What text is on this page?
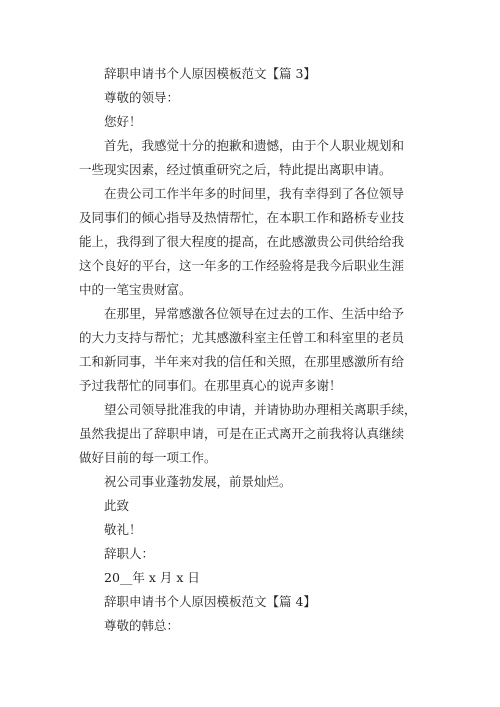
辞职申请书个人原因模板范文【篇 3】
尊敬的领导：
您好！
首先，我感觉十分的抱歉和遗憾，由于个人职业规划和
一些现实因素，经过慎重研究之后，特此提出离职申请。
在贵公司工作半年多的时间里，我有幸得到了各位领导
及同事们的倾心指导及热情帮忙，在本职工作和路桥专业技
能上，我得到了很大程度的提高，在此感激贵公司供给给我
这个良好的平台，这一年多的工作经验将是我今后职业生涯
中的一笔宝贵财富。
在那里，异常感激各位领导在过去的工作、生活中给予
的大力支持与帮忙；尤其感激科室主任曾工和科室里的老员
工和新同事，半年来对我的信任和关照，在那里感激所有给
予过我帮忙的同事们。在那里真心的说声多谢！
望公司领导批准我的申请，并请协助办理相关离职手续，
虽然我提出了辞职申请，可是在正式离开之前我将认真继续
做好目前的每一项工作。
祝公司事业蓬勃发展，前景灿烂。
此致
敬礼！
辞职人：
20__年 x 月 x 日
辞职申请书个人原因模板范文【篇 4】
尊敬的韩总：
